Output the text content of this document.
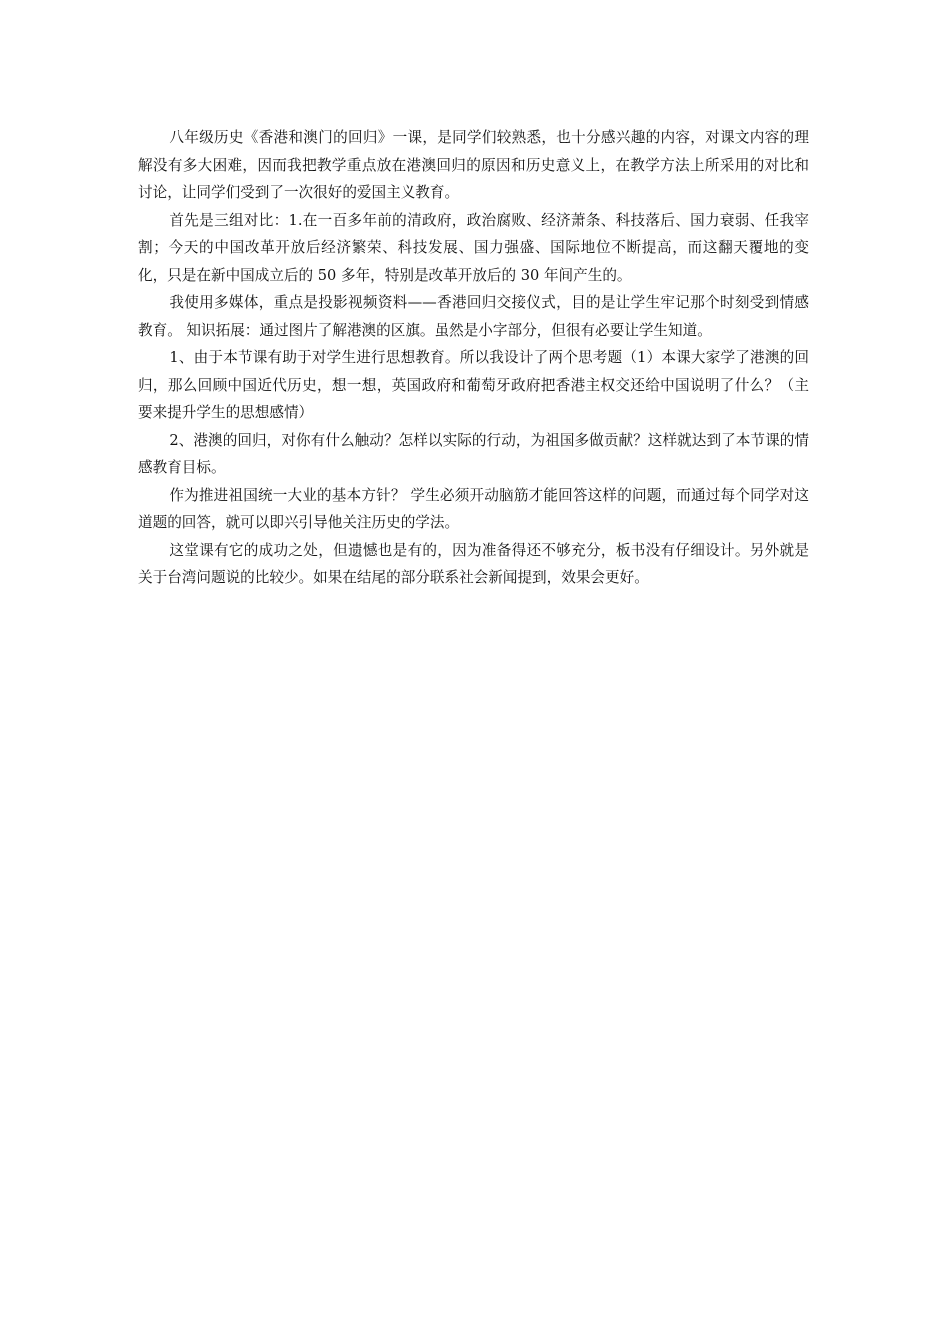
八年级历史《香港和澳门的回归》一课，是同学们较熟悉，也十分感兴趣的内容，对课文内容的理解没有多大困难，因而我把教学重点放在港澳回归的原因和历史意义上，在教学方法上所采用的对比和讨论，让同学们受到了一次很好的爱国主义教育。

首先是三组对比：1.在一百多年前的清政府，政治腐败、经济萧条、科技落后、国力衰弱、任我宰割；今天的中国改革开放后经济繁荣、科技发展、国力强盛、国际地位不断提高，而这翻天覆地的变化，只是在新中国成立后的 50 多年，特别是改革开放后的 30 年间产生的。

我使用多媒体，重点是投影视频资料——香港回归交接仪式，目的是让学生牢记那个时刻受到情感教育。 知识拓展：通过图片了解港澳的区旗。虽然是小字部分，但很有必要让学生知道。

1、由于本节课有助于对学生进行思想教育。所以我设计了两个思考题（1）本课大家学了港澳的回归，那么回顾中国近代历史，想一想，英国政府和葡萄牙政府把香港主权交还给中国说明了什么？（主要来提升学生的思想感情）

2、港澳的回归，对你有什么触动？怎样以实际的行动，为祖国多做贡献？这样就达到了本节课的情感教育目标。

作为推进祖国统一大业的基本方针？ 学生必须开动脑筋才能回答这样的问题，而通过每个同学对这道题的回答，就可以即兴引导他关注历史的学法。

这堂课有它的成功之处，但遗憾也是有的，因为准备得还不够充分，板书没有仔细设计。另外就是关于台湾问题说的比较少。如果在结尾的部分联系社会新闻提到，效果会更好。
